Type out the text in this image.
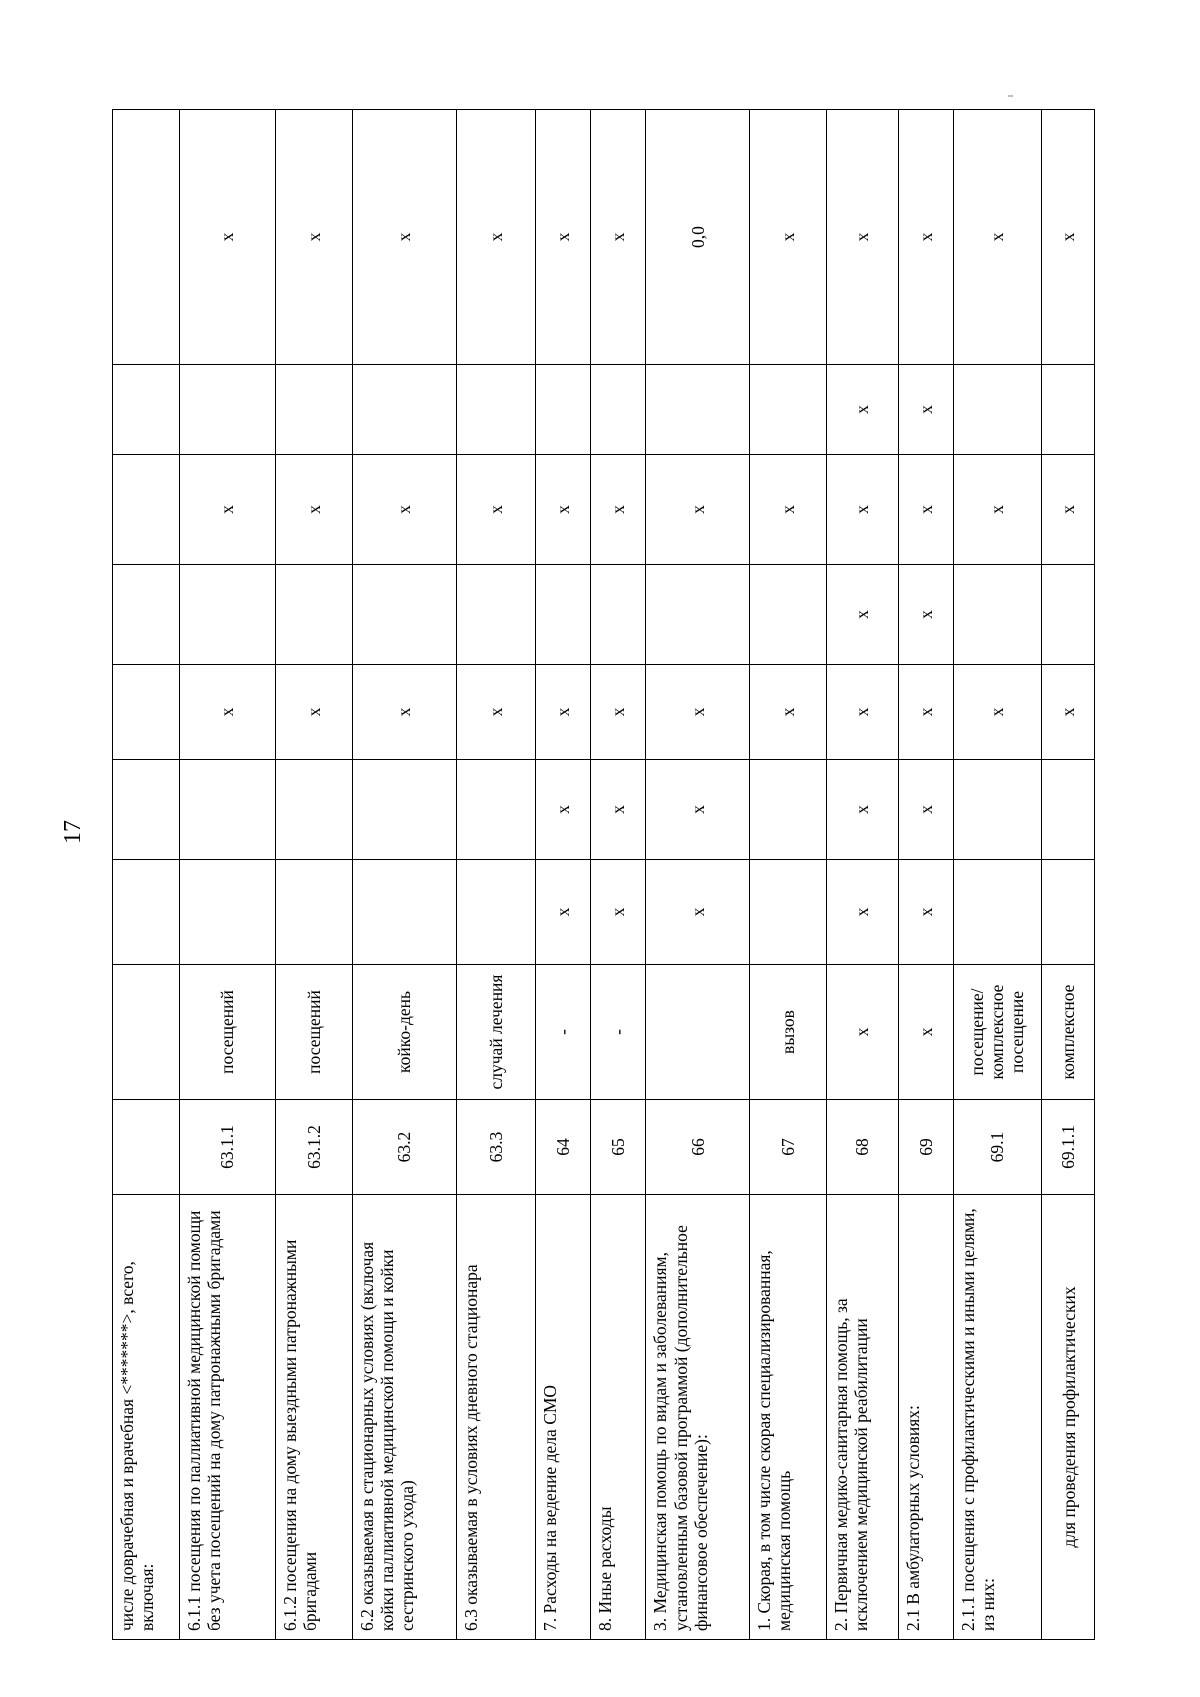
17
числе доврачебная и врачебная <*******>, всего, включая:									
6.1.1 посещения по паллиативной медицинской помощи без учета посещений на дому патронажными бригадами	63.1.1	посещений			х		х		х
6.1.2 посещения на дому выездными патронажными бригадами	63.1.2	посещений			х		х		х
6.2 оказываемая в стационарных условиях (включая койки паллиативной медицинской помощи и койки сестринского ухода)	63.2	койко-день			х		х		х
6.3 оказываемая в условиях дневного стационара	63.3	случай лечения			х		х		х
7. Расходы на ведение дела СМО	64	-	х	х	х		х		х
8. Иные расходы	65	-	х	х	х		х		х
3. Медицинская помощь по видам и заболеваниям, установленным базовой программой (дополнительное финансовое обеспечение):	66		х	х	х		х		0,0
1. Скорая, в том числе скорая специализированная, медицинская помощь	67	вызов			х		х		х
2. Первичная медико-санитарная помощь, за исключением медицинской реабилитации	68	х	х	х	х	х	х	х	х
2.1 В амбулаторных условиях:	69	х	х	х	х	х	х	х	х
2.1.1 посещения с профилактическими и иными целями, из них:	69.1	посещение/комплексное посещение			х		х		х
для проведения профилактических	69.1.1	комплексное			х		х		х
